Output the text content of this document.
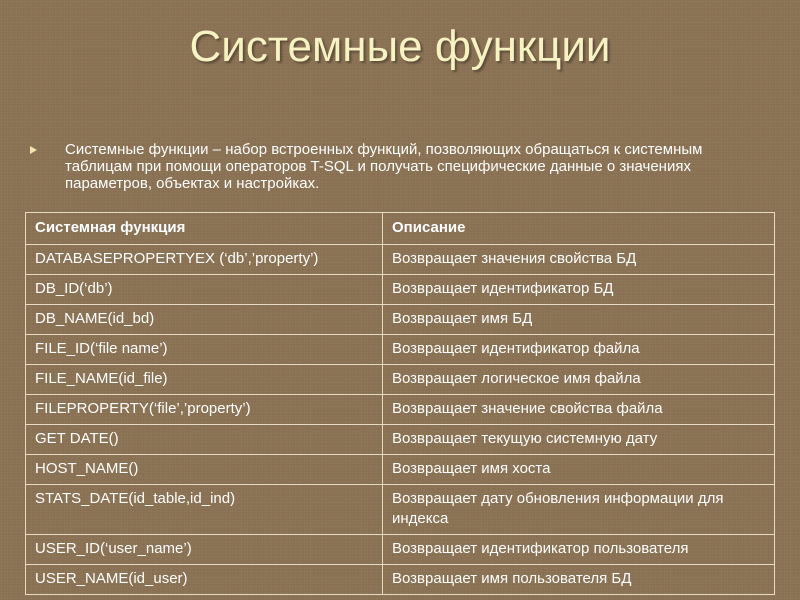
Системные функции
Системные функции – набор встроенных функций, позволяющих обращаться к системным таблицам при помощи операторов T-SQL и получать специфические данные о значениях параметров, объектах и настройках.
Системная функция	Описание
DATABASEPROPERTYEX (‘db’,’property’)	Возвращает значения свойства БД
DB_ID(‘db’)	Возвращает идентификатор БД
DB_NAME(id_bd)	Возвращает имя БД
FILE_ID(‘file name’)	Возвращает идентификатор файла
FILE_NAME(id_file)	Возвращает логическое имя файла
FILEPROPERTY(‘file’,’property’)	Возвращает значение свойства файла
GET DATE()	Возвращает текущую системную дату
HOST_NAME()	Возвращает имя хоста
STATS_DATE(id_table,id_ind)	Возвращает дату обновления информации для индекса
USER_ID(‘user_name’)	Возвращает идентификатор пользователя
USER_NAME(id_user)	Возвращает имя пользователя БД
